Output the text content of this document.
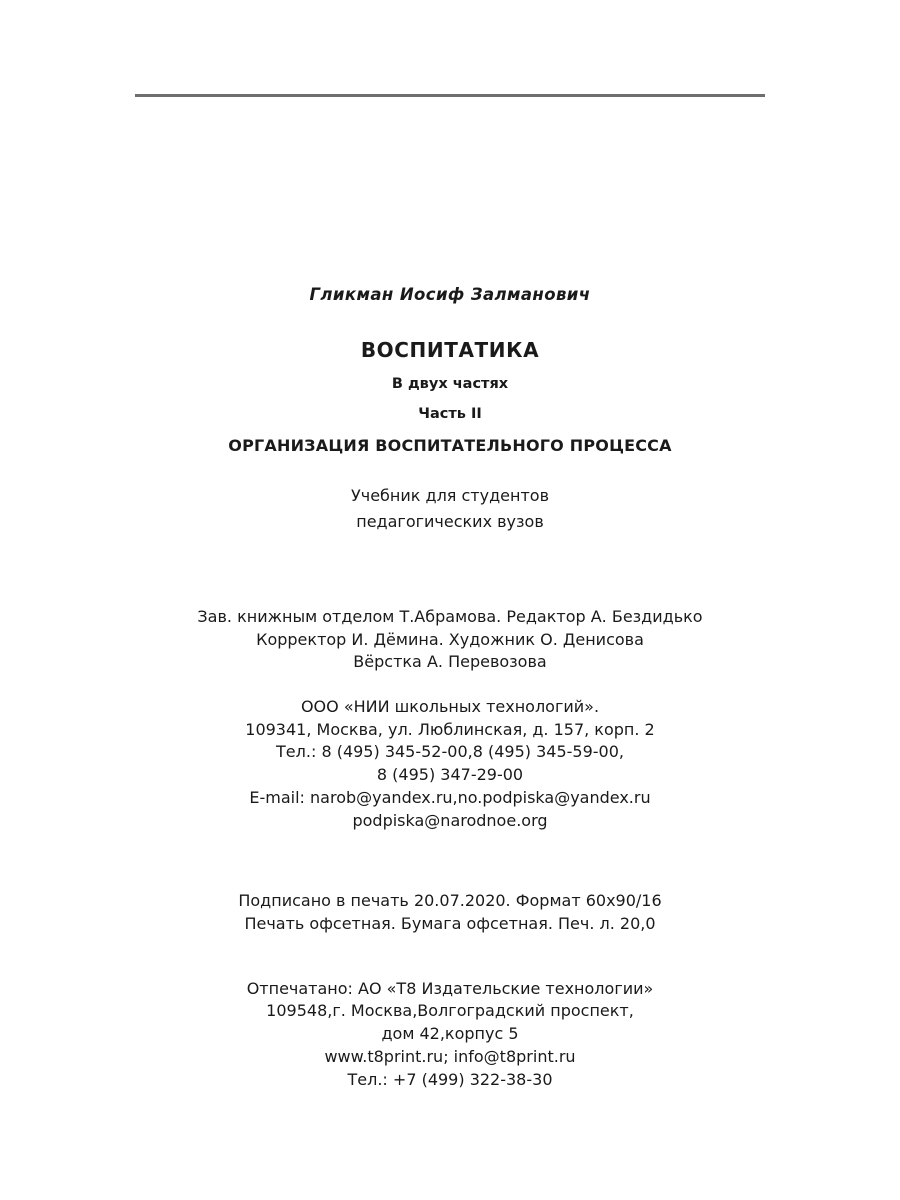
Гликман Иосиф Залманович

ВОСПИТАТИКА

В двух частях

Часть II

ОРГАНИЗАЦИЯ ВОСПИТАТЕЛЬНОГО ПРОЦЕССА

Учебник для студентов

педагогических вузов

Зав. книжным отделом Т.Абрамова. Редактор А. Бездидько

Корректор И. Дёмина. Художник О. Денисова

Вёрстка А. Перевозова

ООО «НИИ школьных технологий».

109341, Москва, ул. Люблинская, д. 157, корп. 2

Тел.: 8 (495) 345-52-00,8 (495) 345-59-00,

8 (495) 347-29-00

E-mail: narob@yandex.ru,no.podpiska@yandex.ru

podpiska@narodnoe.org

Подписано в печать 20.07.2020. Формат 60х90/16

Печать офсетная. Бумага офсетная. Печ. л. 20,0

Отпечатано: АО «Т8 Издательские технологии»

109548,г. Москва,Волгоградский проспект,

дом 42,корпус 5

www.t8print.ru; info@t8print.ru

Тел.: +7 (499) 322-38-30
